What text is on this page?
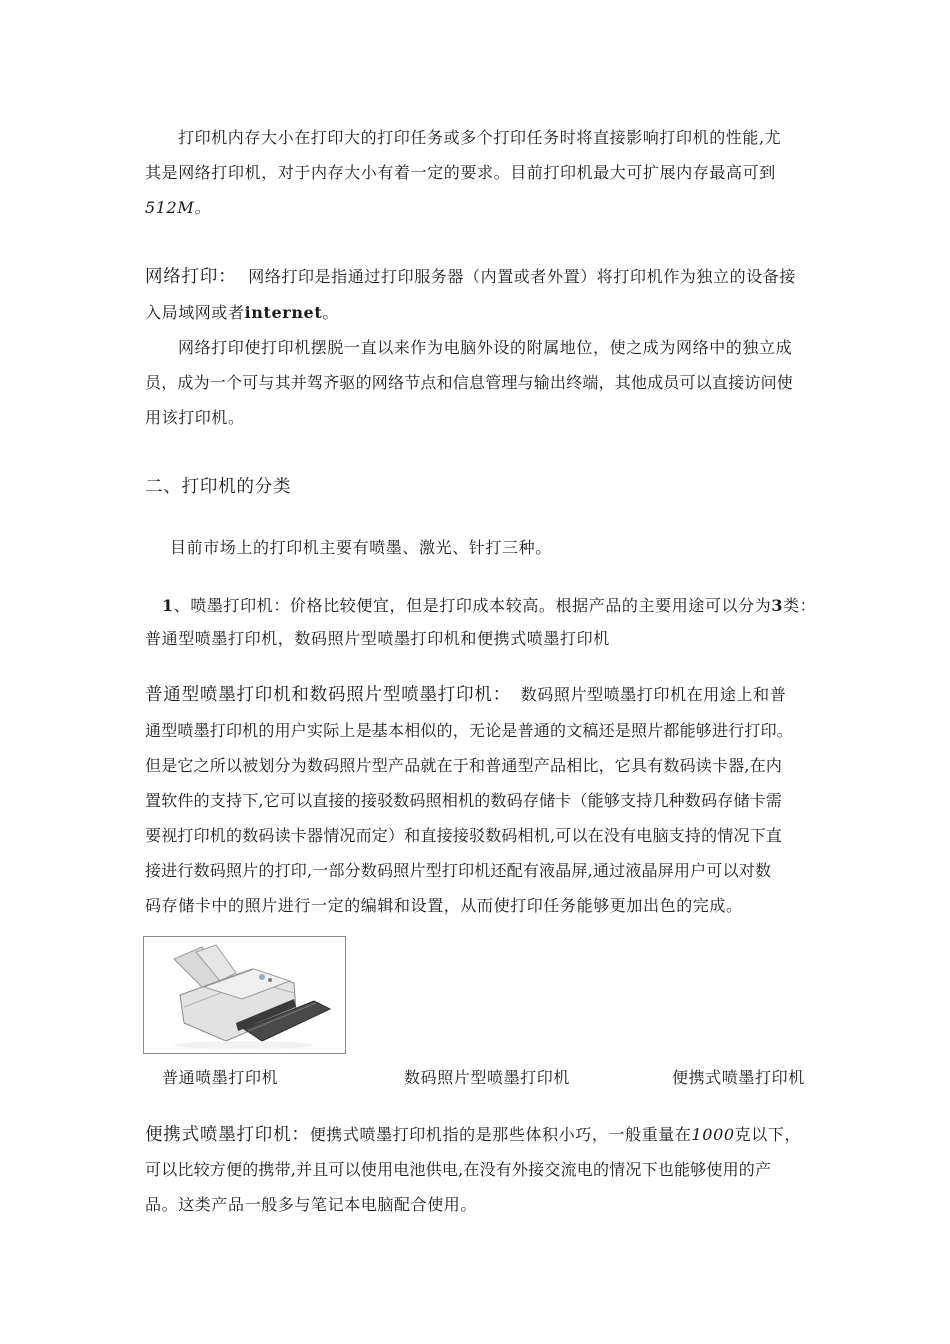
打印机内存大小在打印大的打印任务或多个打印任务时将直接影响打印机的性能,尤
其是网络打印机，对于内存大小有着一定的要求。目前打印机最大可扩展内存最高可到
512M。
网络打印： 网络打印是指通过打印服务器（内置或者外置）将打印机作为独立的设备接
入局域网或者internet。
网络打印使打印机摆脱一直以来作为电脑外设的附属地位，使之成为网络中的独立成
员，成为一个可与其并驾齐驱的网络节点和信息管理与输出终端，其他成员可以直接访问使
用该打印机。
二、打印机的分类
目前市场上的打印机主要有喷墨、激光、针打三种。
1、喷墨打印机：价格比较便宜，但是打印成本较高。根据产品的主要用途可以分为3类：
普通型喷墨打印机，数码照片型喷墨打印机和便携式喷墨打印机
普通型喷墨打印机和数码照片型喷墨打印机： 数码照片型喷墨打印机在用途上和普
通型喷墨打印机的用户实际上是基本相似的，无论是普通的文稿还是照片都能够进行打印。
但是它之所以被划分为数码照片型产品就在于和普通型产品相比，它具有数码读卡器,在内
置软件的支持下,它可以直接的接驳数码照相机的数码存储卡（能够支持几种数码存储卡需
要视打印机的数码读卡器情况而定）和直接接驳数码相机,可以在没有电脑支持的情况下直
接进行数码照片的打印,一部分数码照片型打印机还配有液晶屏,通过液晶屏用户可以对数
码存储卡中的照片进行一定的编辑和设置，从而使打印任务能够更加出色的完成。
普通喷墨打印机	数码照片型喷墨打印机	便携式喷墨打印机
便携式喷墨打印机：便携式喷墨打印机指的是那些体积小巧，一般重量在1000克以下，
可以比较方便的携带,并且可以使用电池供电,在没有外接交流电的情况下也能够使用的产
品。这类产品一般多与笔记本电脑配合使用。
